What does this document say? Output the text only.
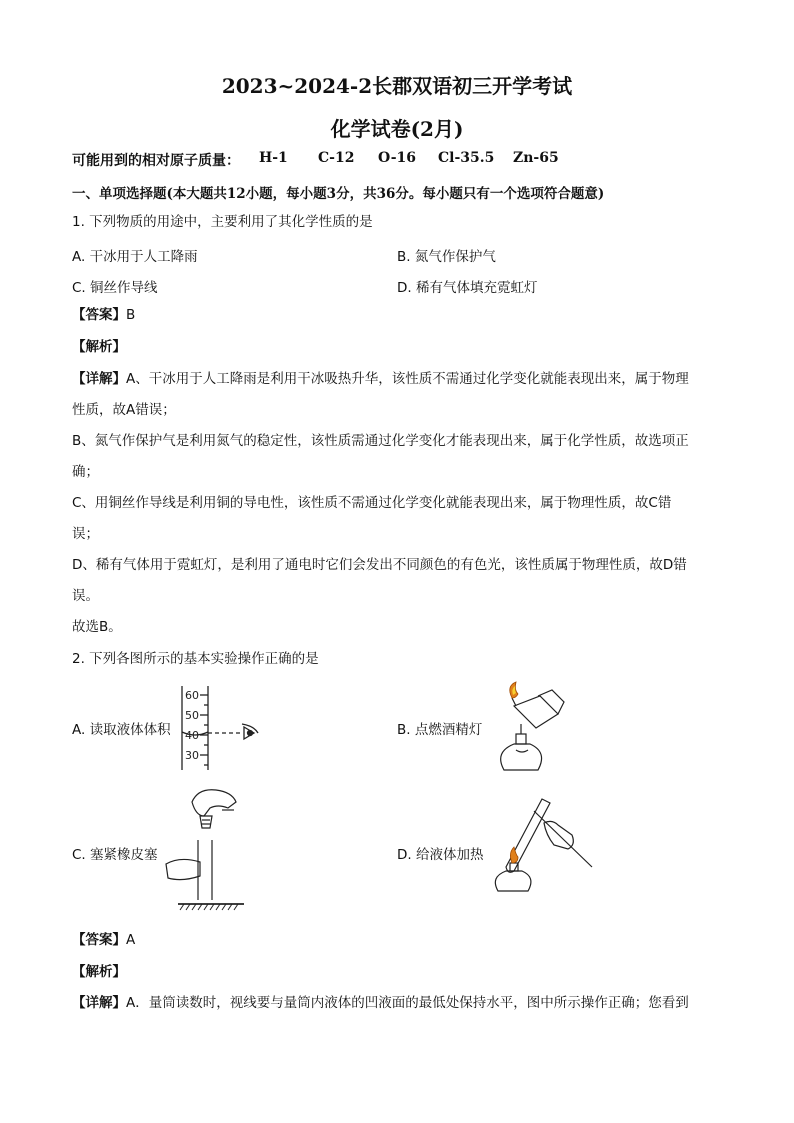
2023~2024-2长郡双语初三开学考试
化学试卷(2月)
可能用到的相对原子质量： H-1 C-12 O-16 Cl-35.5 Zn-65
一、单项选择题(本大题共12小题，每小题3分，共36分。每小题只有一个选项符合题意)
1. 下列物质的用途中，主要利用了其化学性质的是
A. 干冰用于人工降雨	B. 氮气作保护气
C. 铜丝作导线	D. 稀有气体填充霓虹灯
【答案】B
【解析】
【详解】A、干冰用于人工降雨是利用干冰吸热升华，该性质不需通过化学变化就能表现出来，属于物理
性质，故A错误；
B、氮气作保护气是利用氮气的稳定性，该性质需通过化学变化才能表现出来，属于化学性质，故选项正
确；
C、用铜丝作导线是利用铜的导电性，该性质不需通过化学变化就能表现出来，属于物理性质，故C错
误；
D、稀有气体用于霓虹灯，是利用了通电时它们会发出不同颜色的有色光，该性质属于物理性质，故D错
误。
故选B。
2. 下列各图所示的基本实验操作正确的是
A. 读取液体体积	B. 点燃酒精灯
C. 塞紧橡皮塞	D. 给液体加热
60
50
40
30
【答案】A
【解析】
【详解】A．量筒读数时，视线要与量筒内液体的凹液面的最低处保持水平，图中所示操作正确；您看到
